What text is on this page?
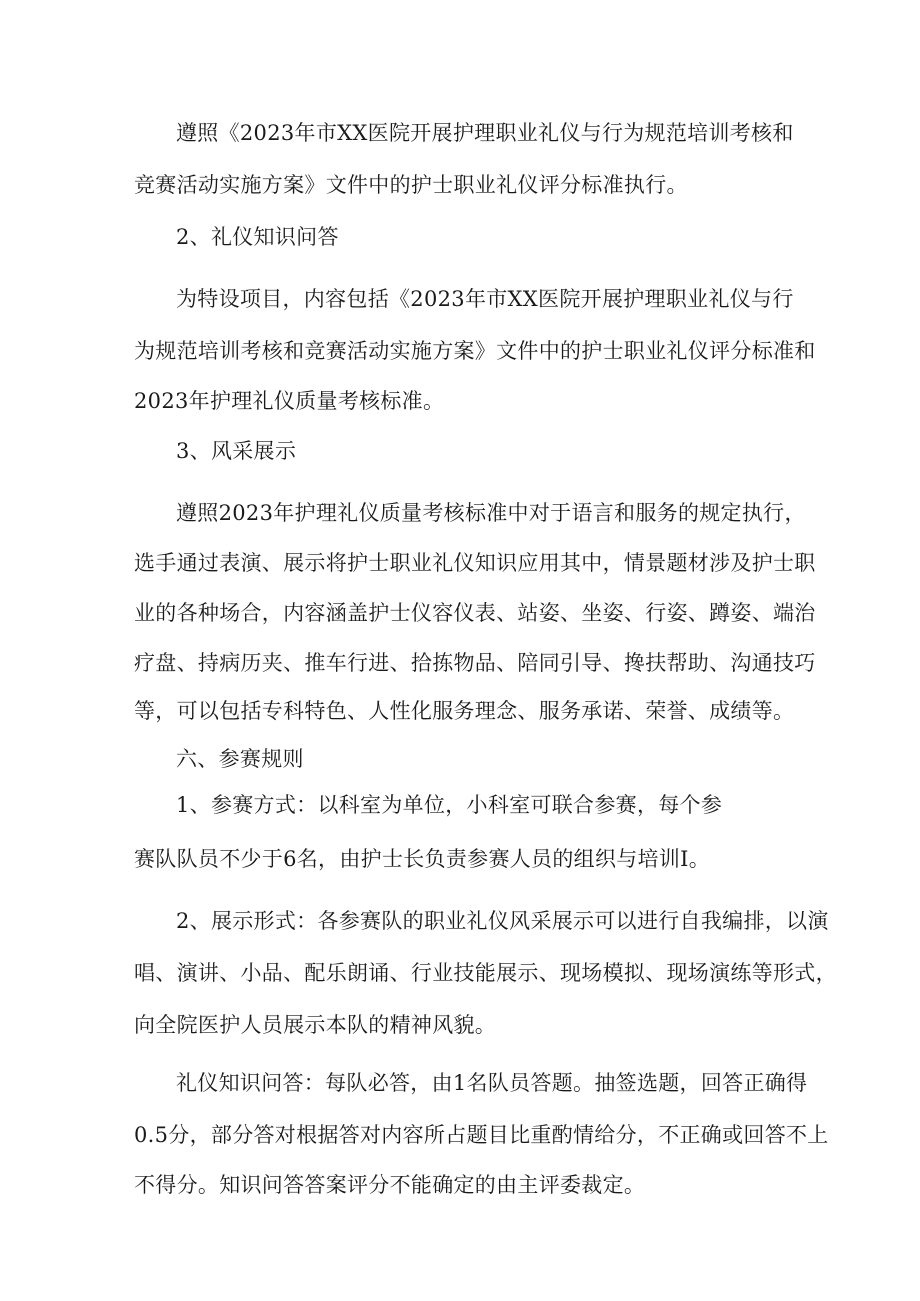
遵照《2023年市XX医院开展护理职业礼仪与行为规范培训考核和
竞赛活动实施方案》文件中的护士职业礼仪评分标准执行。
2、礼仪知识问答
为特设项目，内容包括《2023年市XX医院开展护理职业礼仪与行
为规范培训考核和竞赛活动实施方案》文件中的护士职业礼仪评分标准和
2023年护理礼仪质量考核标准。
3、风采展示
遵照2023年护理礼仪质量考核标准中对于语言和服务的规定执行，
选手通过表演、展示将护士职业礼仪知识应用其中，情景题材涉及护士职
业的各种场合，内容涵盖护士仪容仪表、站姿、坐姿、行姿、蹲姿、端治
疗盘、持病历夹、推车行进、拾拣物品、陪同引导、搀扶帮助、沟通技巧
等，可以包括专科特色、人性化服务理念、服务承诺、荣誉、成绩等。
六、参赛规则
1、参赛方式：以科室为单位，小科室可联合参赛，每个参
赛队队员不少于6名，由护士长负责参赛人员的组织与培训I。
2、展示形式：各参赛队的职业礼仪风采展示可以进行自我编排，以演
唱、演讲、小品、配乐朗诵、行业技能展示、现场模拟、现场演练等形式，
向全院医护人员展示本队的精神风貌。
礼仪知识问答：每队必答，由1名队员答题。抽签选题，回答正确得
0.5分，部分答对根据答对内容所占题目比重酌情给分，不正确或回答不上
不得分。知识问答答案评分不能确定的由主评委裁定。
